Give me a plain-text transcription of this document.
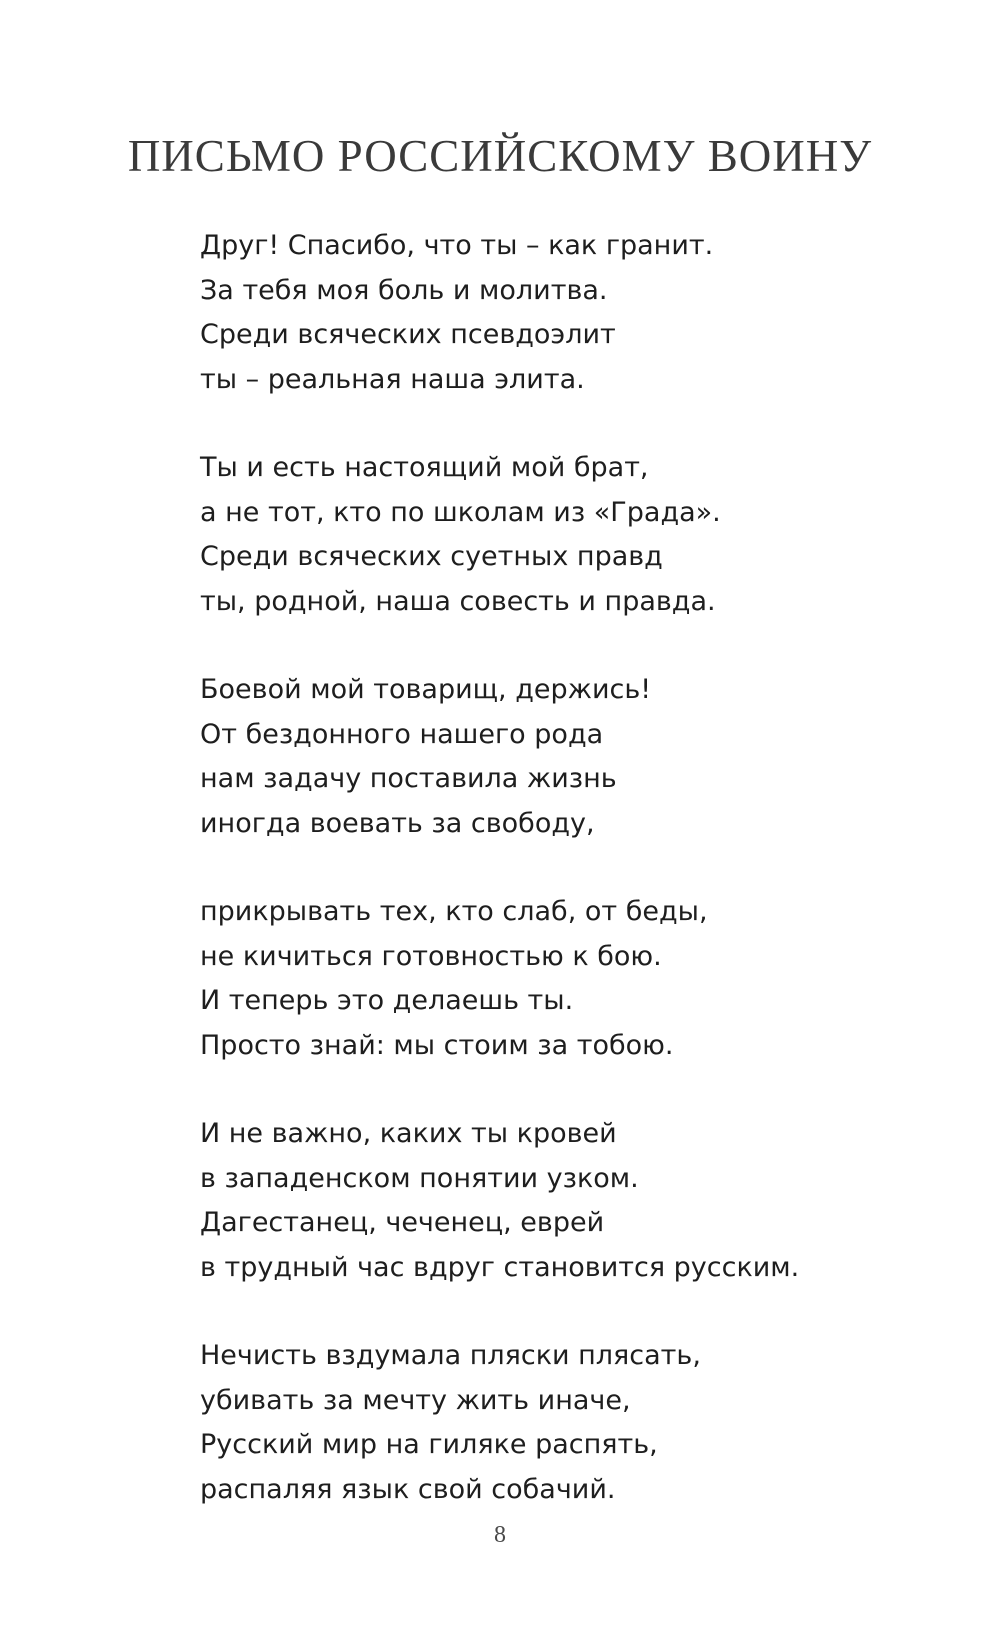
ПИСЬМО РОССИЙСКОМУ ВОИНУ
Друг! Спасибо, что ты – как гранит.
За тебя моя боль и молитва.
Среди всяческих псевдоэлит
ты – реальная наша элита.
Ты и есть настоящий мой брат,
а не тот, кто по школам из «Града».
Среди всяческих суетных правд
ты, родной, наша совесть и правда.
Боевой мой товарищ, держись!
От бездонного нашего рода
нам задачу поставила жизнь
иногда воевать за свободу,
прикрывать тех, кто слаб, от беды,
не кичиться готовностью к бою.
И теперь это делаешь ты.
Просто знай: мы стоим за тобою.
И не важно, каких ты кровей
в западенском понятии узком.
Дагестанец, чеченец, еврей
в трудный час вдруг становится русским.
Нечисть вздумала пляски плясать,
убивать за мечту жить иначе,
Русский мир на гиляке распять,
распаляя язык свой собачий.
8
